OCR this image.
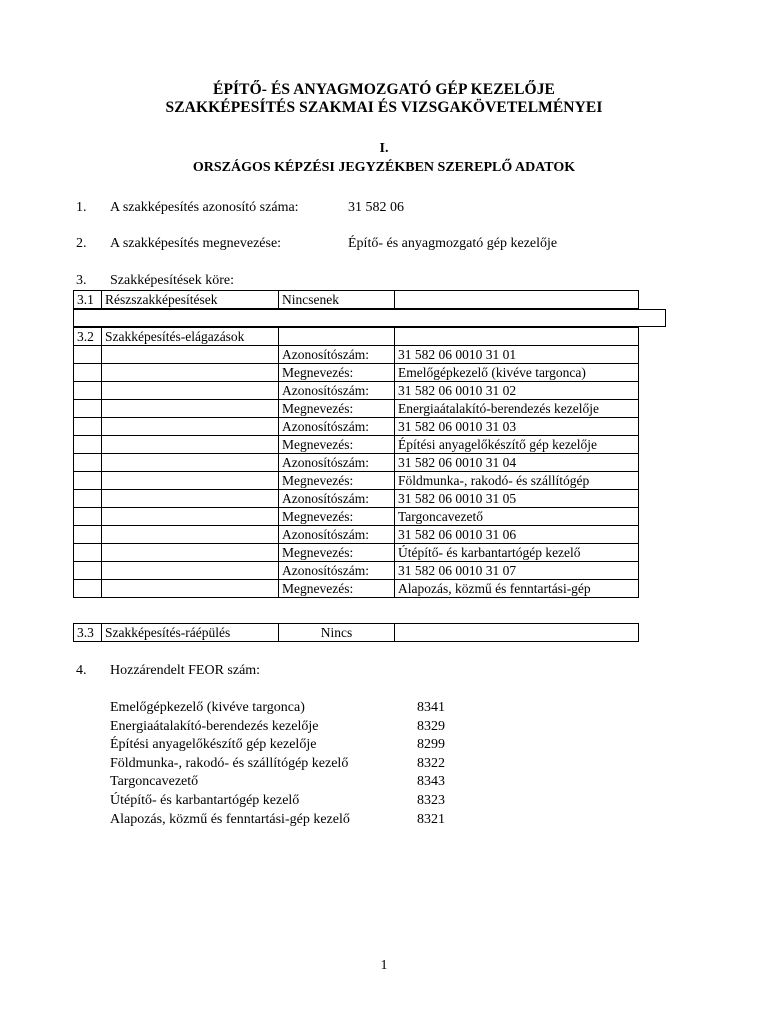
ÉPÍTŐ- ÉS ANYAGMOZGATÓ GÉP KEZELŐJE
SZAKKÉPESÍTÉS SZAKMAI ÉS VIZSGAKÖVETELMÉNYEI
I.
ORSZÁGOS KÉPZÉSI JEGYZÉKBEN SZEREPLŐ ADATOK
1. A szakképesítés azonosító száma:	31 582 06
2. A szakképesítés megnevezése:	Építő- és anyagmozgató gép kezelője
3. Szakképesítések köre:
3.1	Részszakképesítések	Nincsenek	
3.2	Szakképesítés-elágazások		
		Azonosítószám:	31 582 06 0010 31 01
		Megnevezés:	Emelőgépkezelő (kivéve targonca)
		Azonosítószám:	31 582 06 0010 31 02
		Megnevezés:	Energiaátalakító-berendezés kezelője
		Azonosítószám:	31 582 06 0010 31 03
		Megnevezés:	Építési anyagelőkészítő gép kezelője
		Azonosítószám:	31 582 06 0010 31 04
		Megnevezés:	Földmunka-, rakodó- és szállítógép
		Azonosítószám:	31 582 06 0010 31 05
		Megnevezés:	Targoncavezető
		Azonosítószám:	31 582 06 0010 31 06
		Megnevezés:	Útépítő- és karbantartógép kezelő
		Azonosítószám:	31 582 06 0010 31 07
		Megnevezés:	Alapozás, közmű és fenntartási-gép
3.3	Szakképesítés-ráépülés	Nincs	
4. Hozzárendelt FEOR szám:
Emelőgépkezelő (kivéve targonca)	8341
Energiaátalakító-berendezés kezelője	8329
Építési anyagelőkészítő gép kezelője	8299
Földmunka-, rakodó- és szállítógép kezelő	8322
Targoncavezető	8343
Útépítő- és karbantartógép kezelő	8323
Alapozás, közmű és fenntartási-gép kezelő	8321
1
